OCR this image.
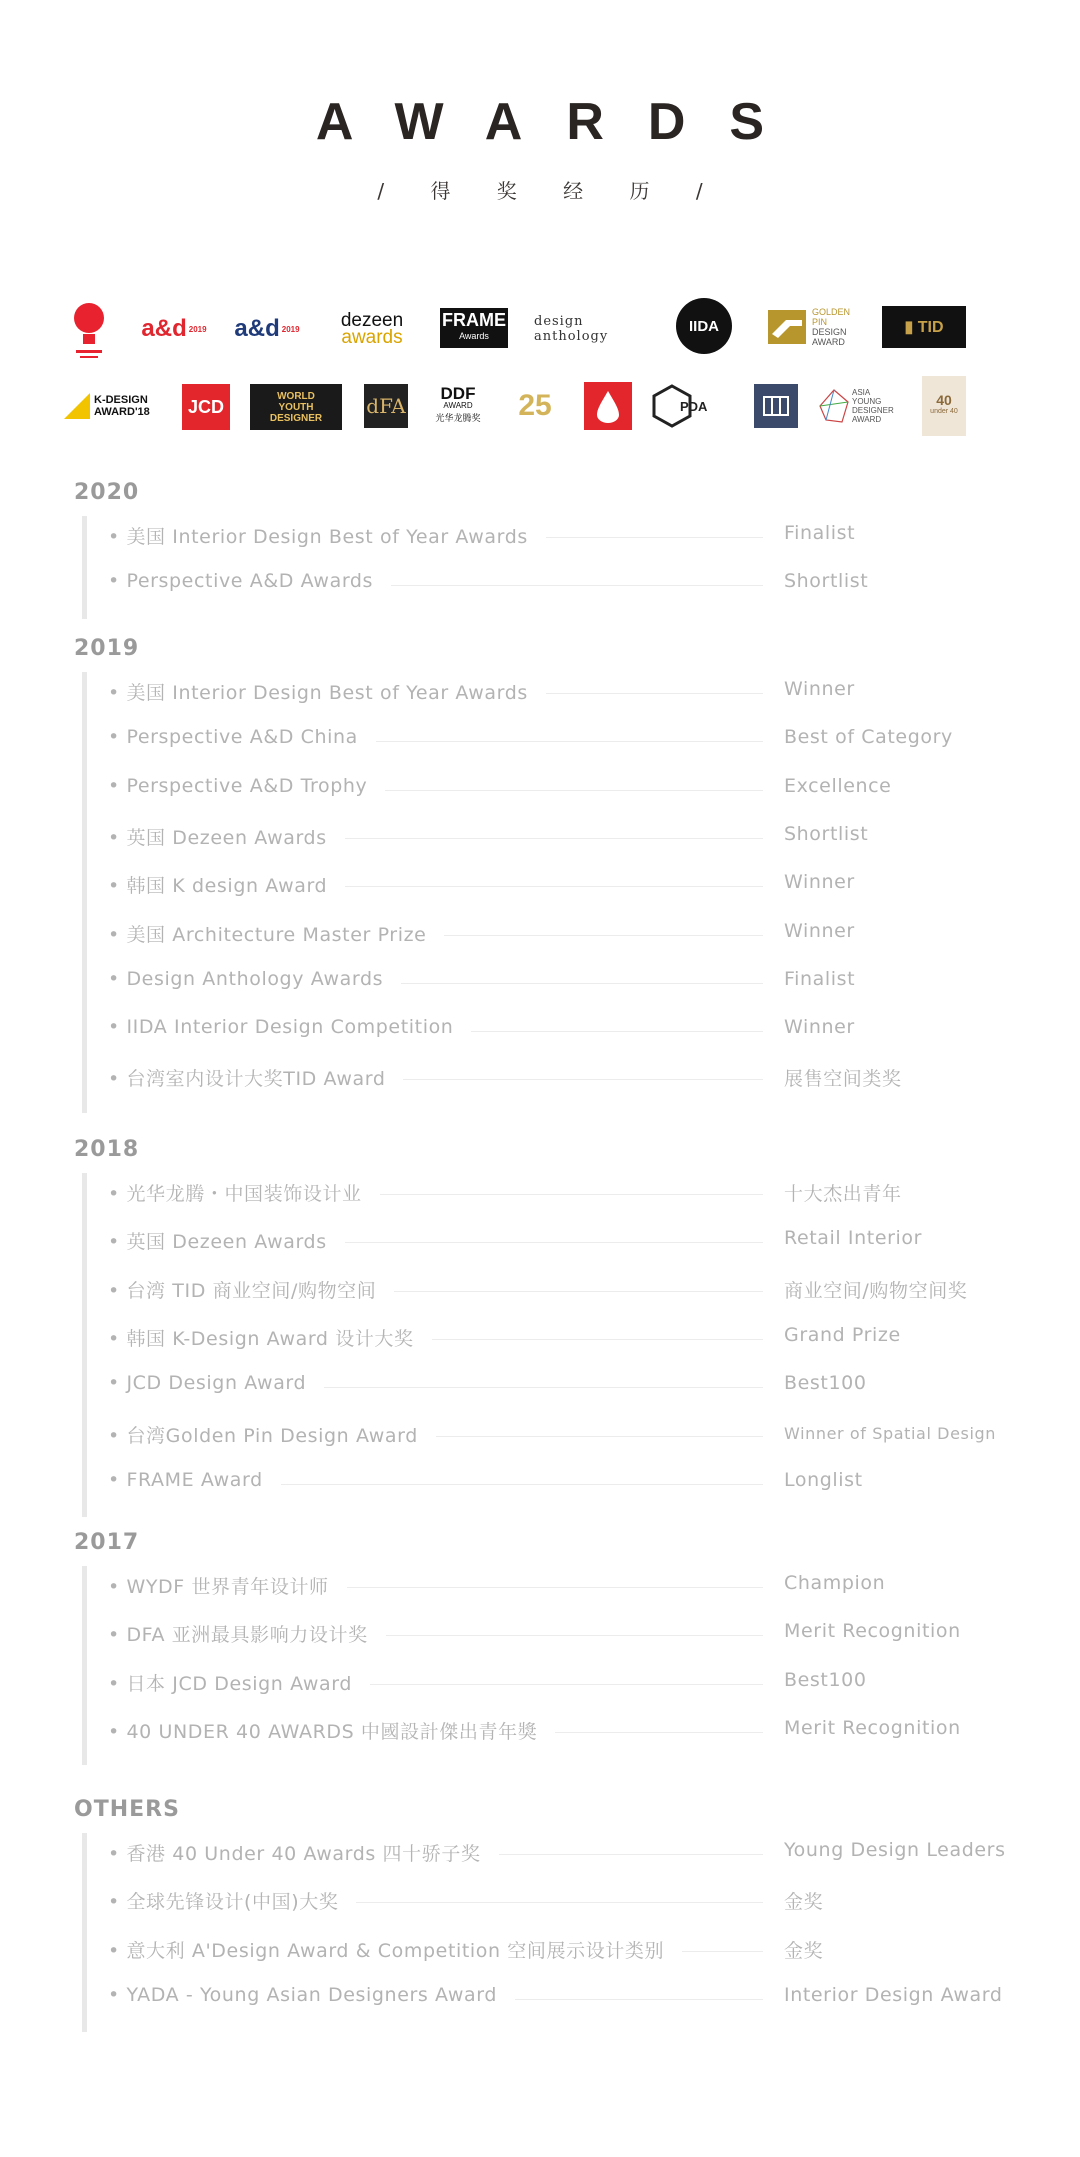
AWARDS
/ 得 奖 经 历 /
a&d 2019 a&d 2019 dezeen
awards
FRAME
Awards
design anthology
IIDA
GOLDEN
PIN
DESIGN
AWARD
▮ TID
K-DESIGN
AWARD'18	JCD
WORLD
YOUTH
DESIGNER dFA
DDF
AWARD
光华龙腾奖 25	PDA
ASIA
YOUNG
DESIGNER
AWARD
40
under 40
2020
• 美国 Interior Design Best of Year Awards	Finalist
• Perspective A&D Awards	Shortlist
2019
• 美国 Interior Design Best of Year Awards	Winner
• Perspective A&D China	Best of Category
• Perspective A&D Trophy	Excellence
• 英国 Dezeen Awards	Shortlist
• 韩国 K design Award	Winner
• 美国 Architecture Master Prize	Winner
• Design Anthology Awards	Finalist
• IIDA Interior Design Competition	Winner
• 台湾室内设计大奖TID Award	展售空间类奖
2018
• 光华龙腾・中国装饰设计业	十大杰出青年
• 英国 Dezeen Awards	Retail Interior
• 台湾 TID 商业空间/购物空间	商业空间/购物空间奖
• 韩国 K-Design Award 设计大奖	Grand Prize
• JCD Design Award	Best100
• 台湾Golden Pin Design Award	Winner of Spatial Design
• FRAME Award	Longlist
2017
• WYDF 世界青年设计师	Champion
• DFA 亚洲最具影响力设计奖	Merit Recognition
• 日本 JCD Design Award	Best100
• 40 UNDER 40 AWARDS 中國設計傑出青年獎	Merit Recognition
OTHERS
• 香港 40 Under 40 Awards 四十骄子奖	Young Design Leaders
• 全球先锋设计(中国)大奖	金奖
• 意大利 A'Design Award & Competition 空间展示设计类别	金奖
• YADA - Young Asian Designers Award	Interior Design Award
